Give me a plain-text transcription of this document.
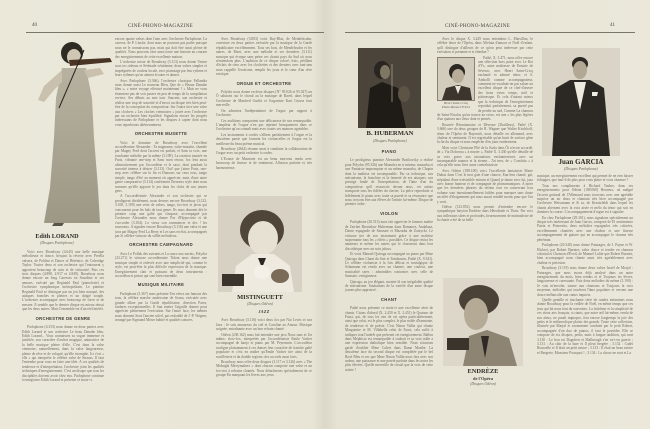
40	CINÉ-PHONO-MAGAZINE
Edith LORAND
(Disques Parlophone)

Voici avec Broadway (4.645) une belle musique mélodieuse et douce, berçant la réverie avec Perella valsera, de Poldini et Dance of Bérénice, de Coleridge Taylor. Toutes deux et son orchestre qui l'entourent y apportent beaucoup de soin et de virtuosité. Puis ces trois disques (4.898, 4.917 et 4.849). Broadway nous donne encore un long Caresses en Sourdine et ses amours, exécuté par Reginald Paul (pianoforte) et l'orchestre symphonique métropolitain. Le pianiste Reginald Paul se distingue par un jeu bien marqué, des attaques franches et pleines et un doigté souple. L'orchestre accompagne avec beaucoup de force et de mesure. Il semble que le dernier disque est mieux réussi que les deux autres. Mais l'ensemble est d'un réel intérêt.

ORCHESTRE DE GENRE

Parlophone (4.353) nous donne en deux parties avec Edith Lorand et son orchestre Le beau Danube bleu. Edith Lorand... Vous connaissez sa vogue immense et justifiée, son caractère d'archet magique, animatrice de la belle musique pleine d'elle. C'est dans la valse viennoise, naturellement, dans la valse langoureuse, pleine de rêve et de volupté, qu'elle triomphe. Ici c'est « elle » qui interprète le célèbre valse de Strauss. Il faut l'entendre pour vous en faire une idée. A ces qualités de tendresse et d'interprétation, l'orchestre joint les qualités techniques d'enregistrement. C'est un disque que tous les disciphiles doivent avoir chez eux. Parlophone continue à enregistrer Edith Lorand et présente ce mois-ci.

encore quatre valses dont l'une avec l'orchestre Parlophone. La caresse, de P. Lincke, dont nous ne pouvons pas parler puisque nous ne le connaissons pas, mais qui doit être aussi pleine de qualités. Nous pouvons citer aussi toute une histoire au courant des enregistrements de cette excellente maison.

L'orchestre mixte de Broadway (3.113) nous donne Venise sous tes rideaux et Sérénade vénitienne, deux valses simples et imprégnées de couleur locale, avec pianotage par leur rythme et leurs rythmes qu'on aimera écouter et danser.

Avec Parlophone (3.366), l'orchestre classique Fellandia nous donne aussi Le nouveau Bleu, Que de « Beaux Danube bleu », « notre voyage effectué maintenant ? » Mais ne vous étonnerez pas de voir passer en peu de temps de la compilation revivre. Ses débuts au mot tout. Saucent, son orchestre et réalise une trop de sonorité et d'envoi un disque très bien peut-être de la conception du compositeur. Sur l'autre face une valse aux clochers « Les cloches viennoises » jouée avec l'orchestre par un orchestre bien équilibré. Signalons encore les progrès intéressants de Parlophone et les disques à capter dont nous vous reparlerons ultérieurement.

ORCHESTRE MUSETTE

Voici le domaine de Broadway avec l'excellent accordéoniste Alexander : Ta mignonne, valse-musette, chantée par Magny Fred dont l'accent est parfait, et Sans ta voix, une touchante mélodie par la même (3.109). La rotation tournée en Paris, vibrante one-step et Sans mon retour, fox lent aussi alternativement par l'accordéon et le saxo, dont pondant la sonorité intense à désirer (3.113). Oui! que j'aime Paris, one-step avec célèbre sur la fin et Dansons sur ceux tous, tango simple, tango d'été au moment où apprécier, mais d'une autre genre comparative (3.114) confirment l'heureux style dont nous sommes qu'elle apporte le jeu dans les clubs de nos jeunes gens.

A l'accordéoniste Alexander et son orchestre qui se prodiguent dividément, nous devons encore Broadway (3.123, 3.108, 3.109) une série de valses, tango, fox-trot et javas qui concourent pour les bals de tout genre. Ils nous donnent dès le premier coup une gaîté qui s'impose, accompagné par l'orchestre Alexander nous donne Pas d'Hypocrisie et de s'accorder (3.104). Le vieux son commencer et des ! les nouveaux. A signaler encore Broadway (3.116) une valse et une java par Magny Fred La Berry et Les sans en état, accompagnés par le célèbre virtuose du sifflet mélodieux.

ORCHESTRE CAMPAGNARD

Avec Le Pollak des suivants et La sauce aux navets, Polydor (23.271) le virtuose accordéoniste Tidoni nous donne une musique simple et enlevée avec une simplicité qui, comme le style, est peut-être la plus difficile expression de la musique. Enregistrement clair et puissant de deux instruments : accordéon et piston qui sont bien ensemble.

MUSIQUE MILITAIRE

Parlophone (3.367) nous présente Ten views are famous des tous, la célèbre marche américaine de Sousa, exécutée avec grande allure par la Garde républicaine, direction Pares, fanfares exceptionnelles. Il faut mettre l'aiguille donner pour apprécier pleinement l'exécution. Sur l'autre face, les mêmes nous donnent Sous l'ancien soleil, pas redoublé de J.-P. Wagner, arrangé par Sigmund Möser habité et qualités sonores.

Avec Broadway (3.803) voici Ruy-Blas, de Mendelssohn, ouverture en deux parties exécutée par la musique de la Garde républicaine excellemment. Tous ses bois, de Mendelssohn et les autres, de Bizet, avec une mélodie et ses dernières (3.111) musique qui évoque sans peine ces chants pays du Sud où nous n'entendons plus. L'audition de ce disque coloré, frais, pétillant d'éclats de rires avec les clochettes et des derniers avec tant-tam nous rappelle l'exotisme, remplit les yeux et le cœur d'un rêve exotique.

ORGUE ET ORCHESTRE

Polydor nous donne en deux disques (N° 95.026 et 95.027) un Ô salutaris sur le choral au la musique de Ravel, dans lequel l'orchestre de Manfred Gurlitt et l'organiste Kurt Grosse font merveille.

On admirera l'indépendance de l'orgue par rapport à l'orchestre.

Ces auditions comportent une délicatesse de son remarquable. L'ampleur de l'orgue n'en pas reprimé brusquement dans ce l'orchestre qu'on connaît mais avec toutes ses nuances agréables.

Les instruments à cordes s'allient parfaitement à l'orgue et la deuxième partie que forment les violoncelles et l'orgue est la meilleure du beau poème musical.

Broadway (4644) résume aussi à combiner la collaboration de l'orgue avec un petit orchestre à cordes.

L'Extase de Massenet est un beau morceau rendu avec beaucoup de finesse et de sentiment. Allusion parfaite et très harmonieuse.

MISTINGUETT
(Disques Odéon)
JAZZ

Avec Broadway (3.116) voici deux fox par Nat Lewis et son Jazz : Je suis amoureux du ciel et Caroline au Amour. Musique soignée, entraînante avec un bon refrain chanté.

Odéon (238.162) nous fait entendre une java Nous sans et Un mâme, slow-fox, interprétés par l'accordéoniste Emile Vacher accompagné de banjo et piano par M. Peyronnin. L'accordéon souligne plaisamment à ces danses leur caractère de franche gaîté populaire et c'est en maître qu'Emile Vacher tire ainsi de la souffleterie et du double registre, des accords aussi forts.

Broadway nous offre deux disques (3.117 et 3.126) avec « The Midnight Merrymakers » dont chacun comporte une valse et un fox-trot à refrains chantés. Nous détacherons spécialement de ce groupe En marquant les lèvres aux yeux.

CINÉ-PHONO-MAGAZINE	41
B. HUBERMAN
(Disques Parlophone)
PIANO

Le prodigieux pianiste Alexander Brailowsky a réalisé pour Polydor (95.326) une Mazurka en si mineur, mazurka et une Fantaisie impromptue et un même mazurka, de Chopin dont la maîtrise est incomparable. Par sa technique, son mécanisme, la franchise et la fermeté de ses attaques, son prestige fondé de l'interprétation, de l'âme d'un du compositeur qu'il ressuscite devant nous, cet artiste transporte tous les fidèles du clavier. La pièce reproduite si fidèlement le piano avec toute sa pureté et sa résonance que nous croyons être aux élèves de l'artiste lui-même. Disque de premier ordre.

VIOLON

Parlophone (20.513) nous fait apprécier le fameux maître de l'archet Bronislaw Huberman dans Romance, Andaluza, Danse espagnole de Sarasate et Mazurka de Zarzycki. Le virtuose tire de son instrument grâce à une maîtrise surprenante tous les « effets » possibles. Ce disque ravira les amateurs et même les autres qui le classeront dans leur discothèque avec un soin jaloux.

Et voici Manuel Quiroga accompagné au piano par Mme Quiroga dans Chant du Soir et Tambourin, Pathé (X. 9.341). Le célèbre violoniste à la fois délicat et nostalgique de Schumann est rendu avec un charme, une couleur, une musicalité rares ; admirables contrastes avec celle de Sarasate, vertigineuse.

Quiroga, au jeu élégant, montre là son inégalable qualité de mécanisme. Souhaitons de la variété d'un autre disque jouons plus approuvé.

CHANT

Pathé nous présente ce mois-ci une excellente série de chants. Citons d'abord (X. 2.450 et X. 2.451) le Quatuor de Faust, qui, de tous les airs de cet opéra particulièrement, ainsi que celui, est le plus complet, le plus noble d'harmonie, de tendresse et de poésie. C'est Ninon Vallin qui chante Marguerite et M. Villabella celui de Faust, cela suffit à indiquer tout l'intérêt que présente cet enregistrement. Ballon dans Méphisto est remarquable à souhait et sa voix mâle a une expression diabolique bien sensible. Nous n'aurions garde d'oublier Mme Calvet dans Dame Marthe. La deuxième face du second disque est complétée par le bel Rosé Bleu et ses que Mme Ninon Vallin nous fera avec son ardeur, une puissance et une pureté parfaite dans les notes les plus élevées. Quelle merveille de cristal que la voix de cette artiste !

Avec le disque X. 3.429 nous entendons L. Marsillon, le célèbre ténor de l'Opéra, dans Alleluia d'amour et Noël d'enfant, qu'il distingue d'ailleurs de ce qu'on peut intéresser par cette exécution si prenante et si étendue ?

Henri Saint-Cricq
Photo Manuel Frères

Pathé, X. 3.471, nous offre encore une sélection hors paire avec Le Roi d'Ys, autre maîtresse de Ensuite de Séverac, avec Henri Saint-Cricq enchanté et admiré ténor, et S. Ambolli comme accompagnateur, comment ne voudrait-on pas saluer un excellent disque de ce chef-d'œuvre des bons vieux temps, naïf et pittoresque. Et cela d'autant mieux que la technique de l'enregistrement reproduit parfaitement, sa pureté pas de perdre au sud, Comme La chanson de Saint-Nicolas qu'on trouve au verso, est une « les plus légères d'un quatuor aux lieux dont et pensés.

Bourrée Réunionnaise et Rêveuse (Dutilleux), Pathé (X. 3.666) one do deux groupes de R. Wagner que Walter Kirchhoff, ténor de l'Opéra de Bayreuth, nous détaille en allemand, avec chaleur et sentiment. Il est regrettable qu'un bruit de surface gêne la fin du disque et nous empêche d'en jouir entièrement.

Mais voici Christiane Pîté de la Scala dans Ôi n'avoir accordé, de « Via Dolorosa » à marier », Pathé X. 3.430 qu'elle détaille de sa voix grave aux intonations enchanteresses avec un incomparable nuance et la sienne... J'ai mes, de « Conchita » à cela qu'elle nous livre aussi contrebassiste.

Avec Odéon (188.100) voici l'excellente fantaisiste Marie Dubas dans C'est le mot gaie d'une chauve, Eau-lent chanté, gai, trépidant d'une irrésistible entrain et Quand je danse avec lui, jazz avec bonne humeur et de compagnie de phonomaniques. A noter que les dernières phrases du refrain tout en conservant leur volume sont intentionnellement faibles pour marquer sans doute un effet d'éloignement qui nous aurait semblé moins pour que l'on y croit.

Odéon (123.852) nous permet d'entendre encore le sympathique baryton Endrèze dans Hérodiade et Thaïs. Par voix aux inflexions sûres et profondes, heureusement de nuitmaîtrise de la charte a été de sa belle

ENDRÈZE
de l'Opéra
(Disques Odéon)
Juan GARCIA
(Disques Parlophone)

musique, un enregistrement excellent qui permet de ne rien laisser échapper, que faut-il de plus pour vous plaire et vous charmer ?

Tous nos compliments à Richard Tauber, dans ses enregistrements pour Odéon (188.060) Heureux, où malgré l'accent guttural de l'Allemand nous trouvons avec une agréable surprise un air doux et chantant très bien accompagné par l'orchestre Weissmann et Si tu, de Kreutzfeldt dans lequel les chants alternent avec la voix aisée et mélo du ténor qui soit en dominer la course. L'accompagnement d'orgue est à signaler.

En chez Parlophone (29.301), nous signalons spécialement un disque très intéressant de Juan Garcia, composé de El sentimiento Patria et Princesita, deux mélodies espagnoles très colorées, excellemment chantées avec une chaleur et une finesse accompagnement de guitare qui en accompagne le charme très pénétrant.

Parlophone (20.340) nous donne Paturages, de J. Payne et W. Hickert, par Robert Burnier, valse douce et tendre en chanson colonial et Chanson d'Éveil, de Manuel Lafite que Robert Burnier, bien accompagné nous chante aussi très agréablement avec chaleur et précision.

Broadway (3.119) nous donne deux valses Israël de Morjal : Paturages, que nous avons déjà analysé dans un autre enregistrement du mois, bien rendus et et Toujours tes lèvres, langoureuse et caressante. Puis deux mélodies du même (3.190) : Je vais m'envoler, tourne aux chansons et Toujours la voix moyenne, mélodies qui touchent l'âme populaire et versent une douce mélancolie aux cœurs inquiets.

Quelle gentille et touchante série de rondes enfantines nous donne Broadway pour la veillée de Noël, en même temps que ces jeux qui lui nous font du souvenirs. La fraîcheur et la simplicité de ces vieux airs français, si riants, que notre œil lui-même, rendu de nos aïeux, ne paraît impropre, fera encore longtemps la joie des petits et le mélancolique plaisir des grands. Toute cette collection, illustrée par Marjal et savamment conduite par le petit Robert, accompagnée d'un duo de pianos, il faut le posséder. Elle se compose de six disques, petits, mais à longue audition, qui sont 3.130 : Le bon roi Dagobert et Malbrough s'en va-t-en guerre ; 3.131 : Au clair de la lune et Il pleut bergère ; 3.132 : Cadet Rousselle et Il était un petit navire ; 3.133 : Il était un beau navire et Bergerie, Monsieur Pourquoi ! ; 3.134 : La choux ne sont et La
